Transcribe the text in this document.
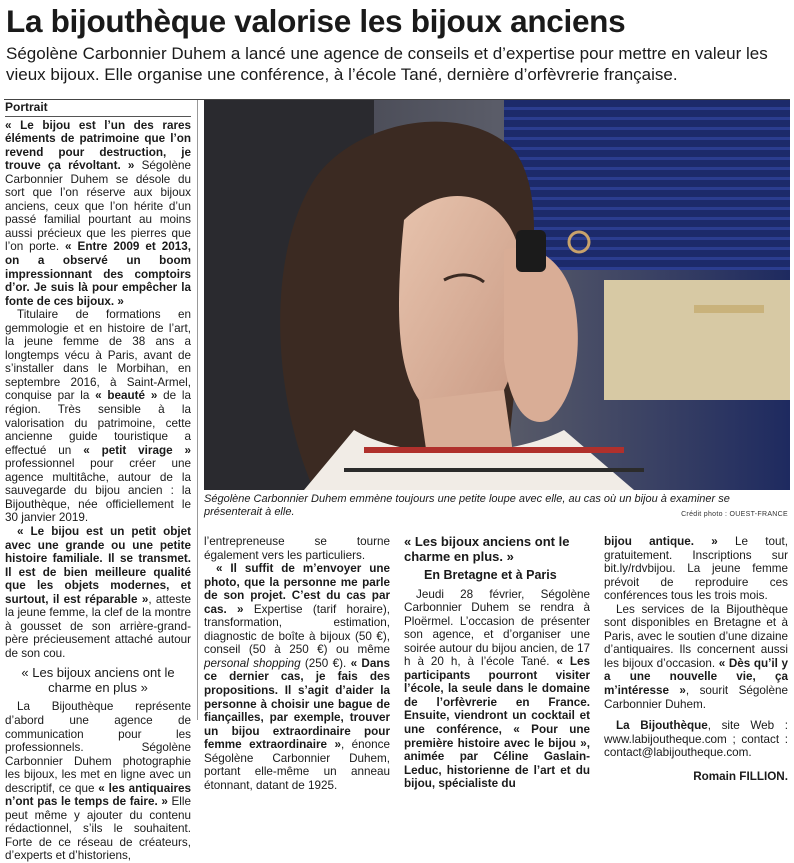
La bijouthèque valorise les bijoux anciens
Ségolène Carbonnier Duhem a lancé une agence de conseils et d’expertise pour mettre en valeur les vieux bijoux. Elle organise une conférence, à l’école Tané, dernière d’orfèvrerie française.
Ségolène Carbonnier Duhem emmène toujours une petite loupe avec elle, au cas où un bijou à examiner se présenterait à elle.	Crédit photo : OUEST-FRANCE
Portrait

« Le bijou est l’un des rares éléments de patrimoine que l’on revend pour destruction, je trouve ça révoltant. » Ségolène Carbonnier Duhem se désole du sort que l’on réserve aux bijoux anciens, ceux que l’on hérite d’un passé familial pourtant au moins aussi précieux que les pierres que l’on porte. « Entre 2009 et 2013, on a observé un boom impressionnant des comptoirs d’or. Je suis là pour empêcher la fonte de ces bijoux. »

Titulaire de formations en gemmologie et en histoire de l’art, la jeune femme de 38 ans a longtemps vécu à Paris, avant de s’installer dans le Morbihan, en septembre 2016, à Saint-Armel, conquise par la « beauté » de la région. Très sensible à la valorisation du patrimoine, cette ancienne guide touristique a effectué un « petit virage » professionnel pour créer une agence multitâche, autour de la sauvegarde du bijou ancien : la Bijouthèque, née officiellement le 30 janvier 2019.

« Le bijou est un petit objet avec une grande ou une petite histoire familiale. Il se transmet. Il est de bien meilleure qualité que les objets modernes, et surtout, il est réparable », atteste la jeune femme, la clef de la montre à gousset de son arrière-grand-père précieusement attaché autour de son cou.

« Les bijoux anciens ont le charme en plus »

La Bijouthèque représente d’abord une agence de communication pour les professionnels. Ségolène Carbonnier Duhem photographie les bijoux, les met en ligne avec un descriptif, ce que « les antiquaires n’ont pas le temps de faire. » Elle peut même y ajouter du contenu rédactionnel, s’ils le souhaitent. Forte de ce réseau de créateurs, d’experts et d’historiens,

l’entrepreneuse se tourne également vers les particuliers.

« Il suffit de m’envoyer une photo, que la personne me parle de son projet. C’est du cas par cas. » Expertise (tarif horaire), transformation, estimation, diagnostic de boîte à bijoux (50 €), conseil (50 à 250 €) ou même personal shopping (250 €). « Dans ce dernier cas, je fais des propositions. Il s’agit d’aider la personne à choisir une bague de fiançailles, par exemple, trouver un bijou extraordinaire pour femme extraordinaire », énonce Ségolène Carbonnier Duhem, portant elle-même un anneau étonnant, datant de 1925.

« Les bijoux anciens ont le charme en plus. »
En Bretagne et à Paris

Jeudi 28 février, Ségolène Carbonnier Duhem se rendra à Ploërmel. L’occasion de présenter son agence, et d’organiser une soirée autour du bijou ancien, de 17 h à 20 h, à l’école Tané. « Les participants pourront visiter l’école, la seule dans le domaine de l’orfèvrerie en France. Ensuite, viendront un cocktail et une conférence, « Pour une première histoire avec le bijou », animée par Céline Gaslain-Leduc, historienne de l’art et du bijou, spécialiste du

bijou antique. » Le tout, gratuitement. Inscriptions sur bit.ly/rdvbijou. La jeune femme prévoit de reproduire ces conférences tous les trois mois.

Les services de la Bijouthèque sont disponibles en Bretagne et à Paris, avec le soutien d’une dizaine d’antiquaires. Ils concernent aussi les bijoux d’occasion. « Dès qu’il y a une nouvelle vie, ça m’intéresse », sourit Ségolène Carbonnier Duhem.

La Bijouthèque, site Web : www.labijoutheque.com ; contact : contact@labijoutheque.com.

Romain FILLION.
